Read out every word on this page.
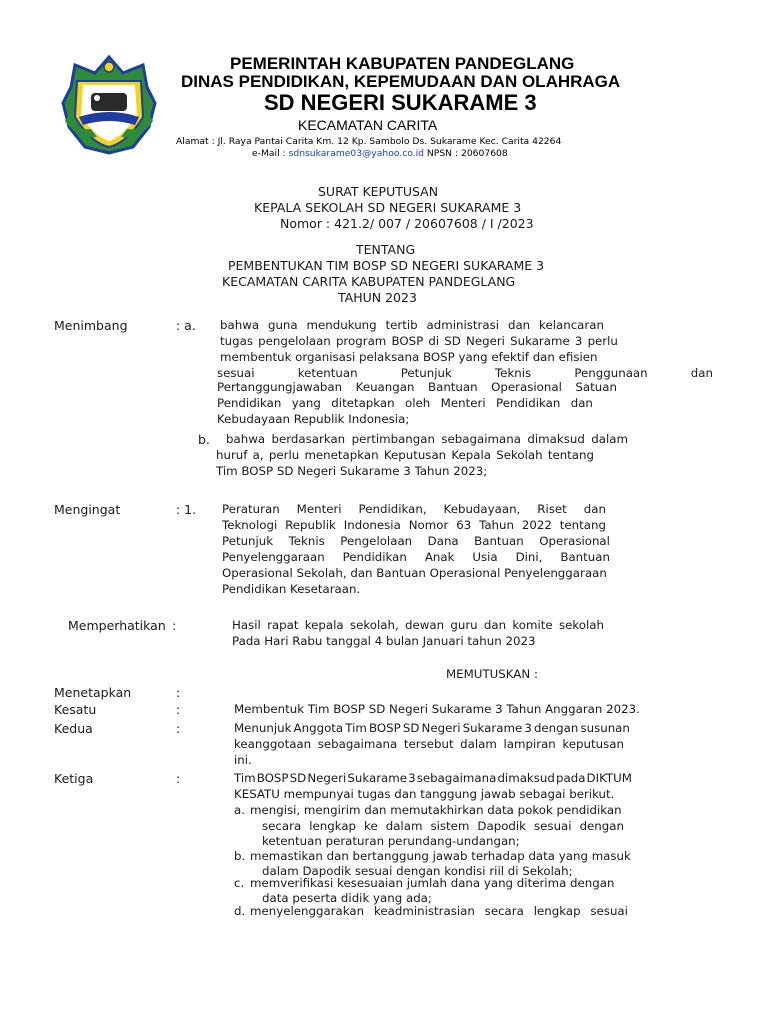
PEMERINTAH KABUPATEN PANDEGLANG
DINAS PENDIDIKAN, KEPEMUDAAN DAN OLAHRAGA
SD NEGERI SUKARAME 3
KECAMATAN CARITA
Alamat : Jl. Raya Pantai Carita Km. 12 Kp. Sambolo Ds. Sukarame Kec. Carita 42264
e-Mail : sdnsukarame03@yahoo.co.id NPSN : 20607608
SURAT KEPUTUSAN
KEPALA SEKOLAH SD NEGERI SUKARAME 3
Nomor : 421.2/ 007 / 20607608 / I /2023
TENTANG
PEMBENTUKAN TIM BOSP SD NEGERI SUKARAME 3
KECAMATAN CARITA KABUPATEN PANDEGLANG
TAHUN 2023
Menimbang	: a. bahwa guna mendukung tertib administrasi dan kelancaran
tugas pengelolaan program BOSP di SD Negeri Sukarame 3 perlu
membentuk organisasi pelaksana BOSP yang efektif dan efisien
sesuai	ketentuan	Petunjuk	Teknis	Penggunaan	dan
Pertanggungjawaban Keuangan Bantuan Operasional Satuan
Pendidikan yang ditetapkan oleh Menteri Pendidikan dan
Kebudayaan Republik Indonesia;
b. bahwa berdasarkan pertimbangan sebagaimana dimaksud dalam
huruf a, perlu menetapkan Keputusan Kepala Sekolah tentang
Tim BOSP SD Negeri Sukarame 3 Tahun 2023;
Mengingat	: 1. Peraturan Menteri Pendidikan, Kebudayaan, Riset dan
Teknologi Republik Indonesia Nomor 63 Tahun 2022 tentang
Petunjuk Teknis Pengelolaan Dana Bantuan Operasional
Penyelenggaraan Pendidikan Anak Usia Dini, Bantuan
Operasional Sekolah, dan Bantuan Operasional Penyelenggaraan
Pendidikan Kesetaraan.
Memperhatikan :	Hasil rapat kepala sekolah, dewan guru dan komite sekolah
Pada Hari Rabu tanggal 4 bulan Januari tahun 2023
MEMUTUSKAN :
Menetapkan	:
Kesatu	:	Membentuk Tim BOSP SD Negeri Sukarame 3 Tahun Anggaran 2023.
Kedua	:	Menunjuk Anggota Tim BOSP SD Negeri Sukarame 3 dengan susunan
keanggotaan sebagaimana tersebut dalam lampiran keputusan
ini.
Ketiga	:	Tim BOSP SD Negeri Sukarame 3 sebagaimana dimaksud pada DIKTUM
KESATU mempunyai tugas dan tanggung jawab sebagai berikut.
a. mengisi, mengirim dan memutakhirkan data pokok pendidikan
secara lengkap ke dalam sistem Dapodik sesuai dengan
ketentuan peraturan perundang-undangan;
b. memastikan dan bertanggung jawab terhadap data yang masuk
dalam Dapodik sesuai dengan kondisi riil di Sekolah;
c. memverifikasi kesesuaian jumlah dana yang diterima dengan
data peserta didik yang ada;
d. menyelenggarakan keadministrasian secara lengkap sesuai
